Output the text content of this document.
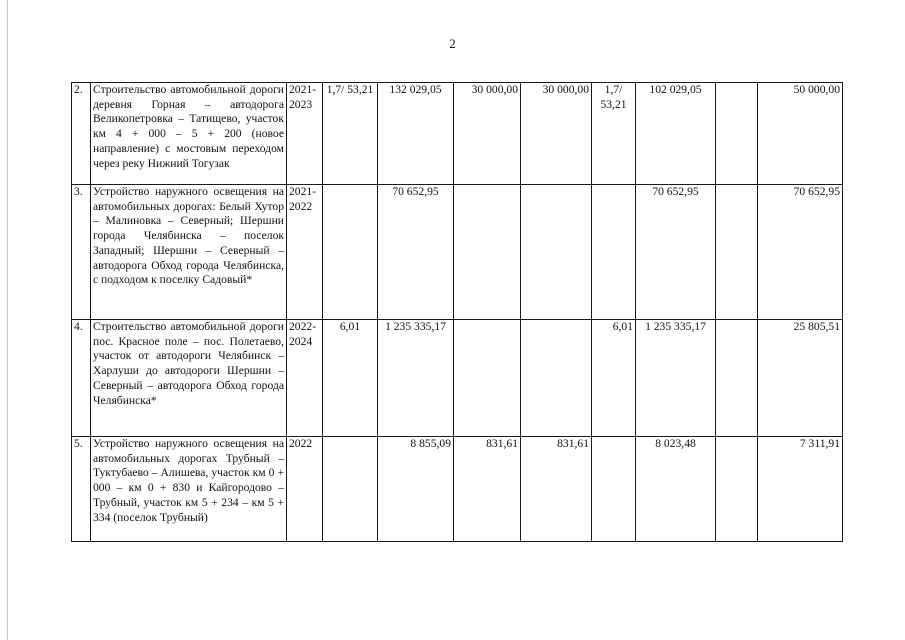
2
2.	Строительство автомобильной дороги деревня Горная – автодорога Великопетровка – Татищево, участок км 4 + 000 – 5 + 200 (новое направление) с мостовым переходом через реку Нижний Тогузак	2021-2023	1,7/ 53,21	132 029,05	30 000,00	30 000,00	1,7/ 53,21	102 029,05		50 000,00
3.	Устройство наружного освещения на автомобильных дорогах: Белый Хутор – Малиновка – Северный; Шершни города Челябинска – поселок Западный; Шершни – Северный – автодорога Обход города Челябинска, с подходом к поселку Садовый*	2021-2022		70 652,95				70 652,95		70 652,95
4.	Строительство автомобильной дороги пос. Красное поле – пос. Полетаево, участок от автодороги Челябинск – Харлуши до автодороги Шершни – Северный – автодорога Обход города Челябинска*	2022-2024	6,01	1 235 335,17			6,01	1 235 335,17		25 805,51
5.	Устройство наружного освещения на автомобильных дорогах Трубный – Туктубаево – Алишева, участок км 0 + 000 – км 0 + 830 и Кайгородово – Трубный, участок км 5 + 234 – км 5 + 334 (поселок Трубный)	2022		8 855,09	831,61	831,61		8 023,48		7 311,91
